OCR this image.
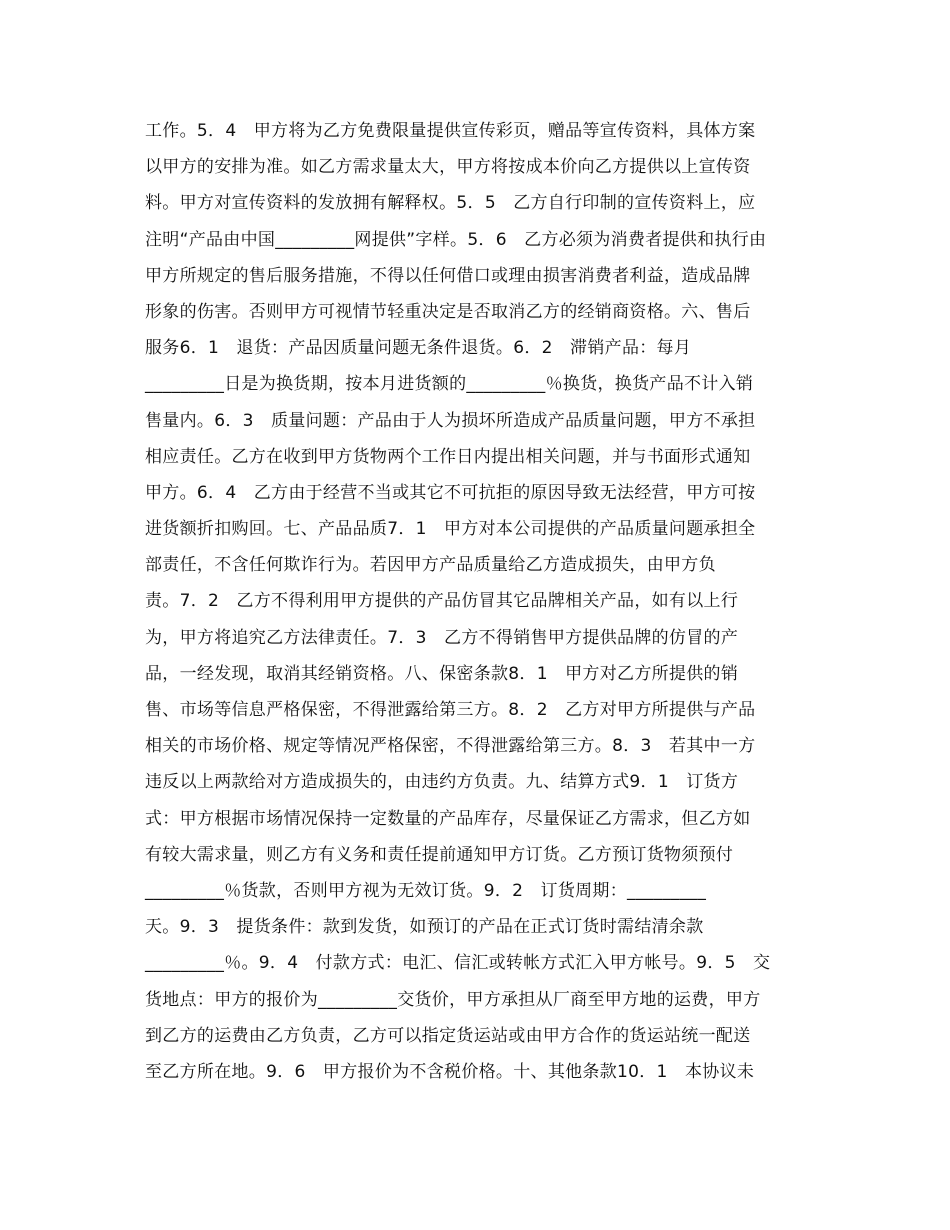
工作。5．4　甲方将为乙方免费限量提供宣传彩页，赠品等宣传资料，具体方案
以甲方的安排为准。如乙方需求量太大，甲方将按成本价向乙方提供以上宣传资
料。甲方对宣传资料的发放拥有解释权。5．5　乙方自行印制的宣传资料上，应
注明“产品由中国_________网提供”字样。5．6　乙方必须为消费者提供和执行由
甲方所规定的售后服务措施，不得以任何借口或理由损害消费者利益，造成品牌
形象的伤害。否则甲方可视情节轻重决定是否取消乙方的经销商资格。六、售后
服务6．1　退货：产品因质量问题无条件退货。6．2　滞销产品：每月
_________日是为换货期，按本月进货额的_________％换货，换货产品不计入销
售量内。6．3　质量问题：产品由于人为损坏所造成产品质量问题，甲方不承担
相应责任。乙方在收到甲方货物两个工作日内提出相关问题，并与书面形式通知
甲方。6．4　乙方由于经营不当或其它不可抗拒的原因导致无法经营，甲方可按
进货额折扣购回。七、产品品质7．1　甲方对本公司提供的产品质量问题承担全
部责任，不含任何欺诈行为。若因甲方产品质量给乙方造成损失，由甲方负
责。7．2　乙方不得利用甲方提供的产品仿冒其它品牌相关产品，如有以上行
为，甲方将追究乙方法律责任。7．3　乙方不得销售甲方提供品牌的仿冒的产
品，一经发现，取消其经销资格。八、保密条款8．1　甲方对乙方所提供的销
售、市场等信息严格保密，不得泄露给第三方。8．2　乙方对甲方所提供与产品
相关的市场价格、规定等情况严格保密，不得泄露给第三方。8．3　若其中一方
违反以上两款给对方造成损失的，由违约方负责。九、结算方式9．1　订货方
式：甲方根据市场情况保持一定数量的产品库存，尽量保证乙方需求，但乙方如
有较大需求量，则乙方有义务和责任提前通知甲方订货。乙方预订货物须预付
_________％货款，否则甲方视为无效订货。9．2　订货周期：_________
天。9．3　提货条件：款到发货，如预订的产品在正式订货时需结清余款
_________％。9．4　付款方式：电汇、信汇或转帐方式汇入甲方帐号。9．5　交
货地点：甲方的报价为_________交货价，甲方承担从厂商至甲方地的运费，甲方
到乙方的运费由乙方负责，乙方可以指定货运站或由甲方合作的货运站统一配送
至乙方所在地。9．6　甲方报价为不含税价格。十、其他条款10．1　本协议未
